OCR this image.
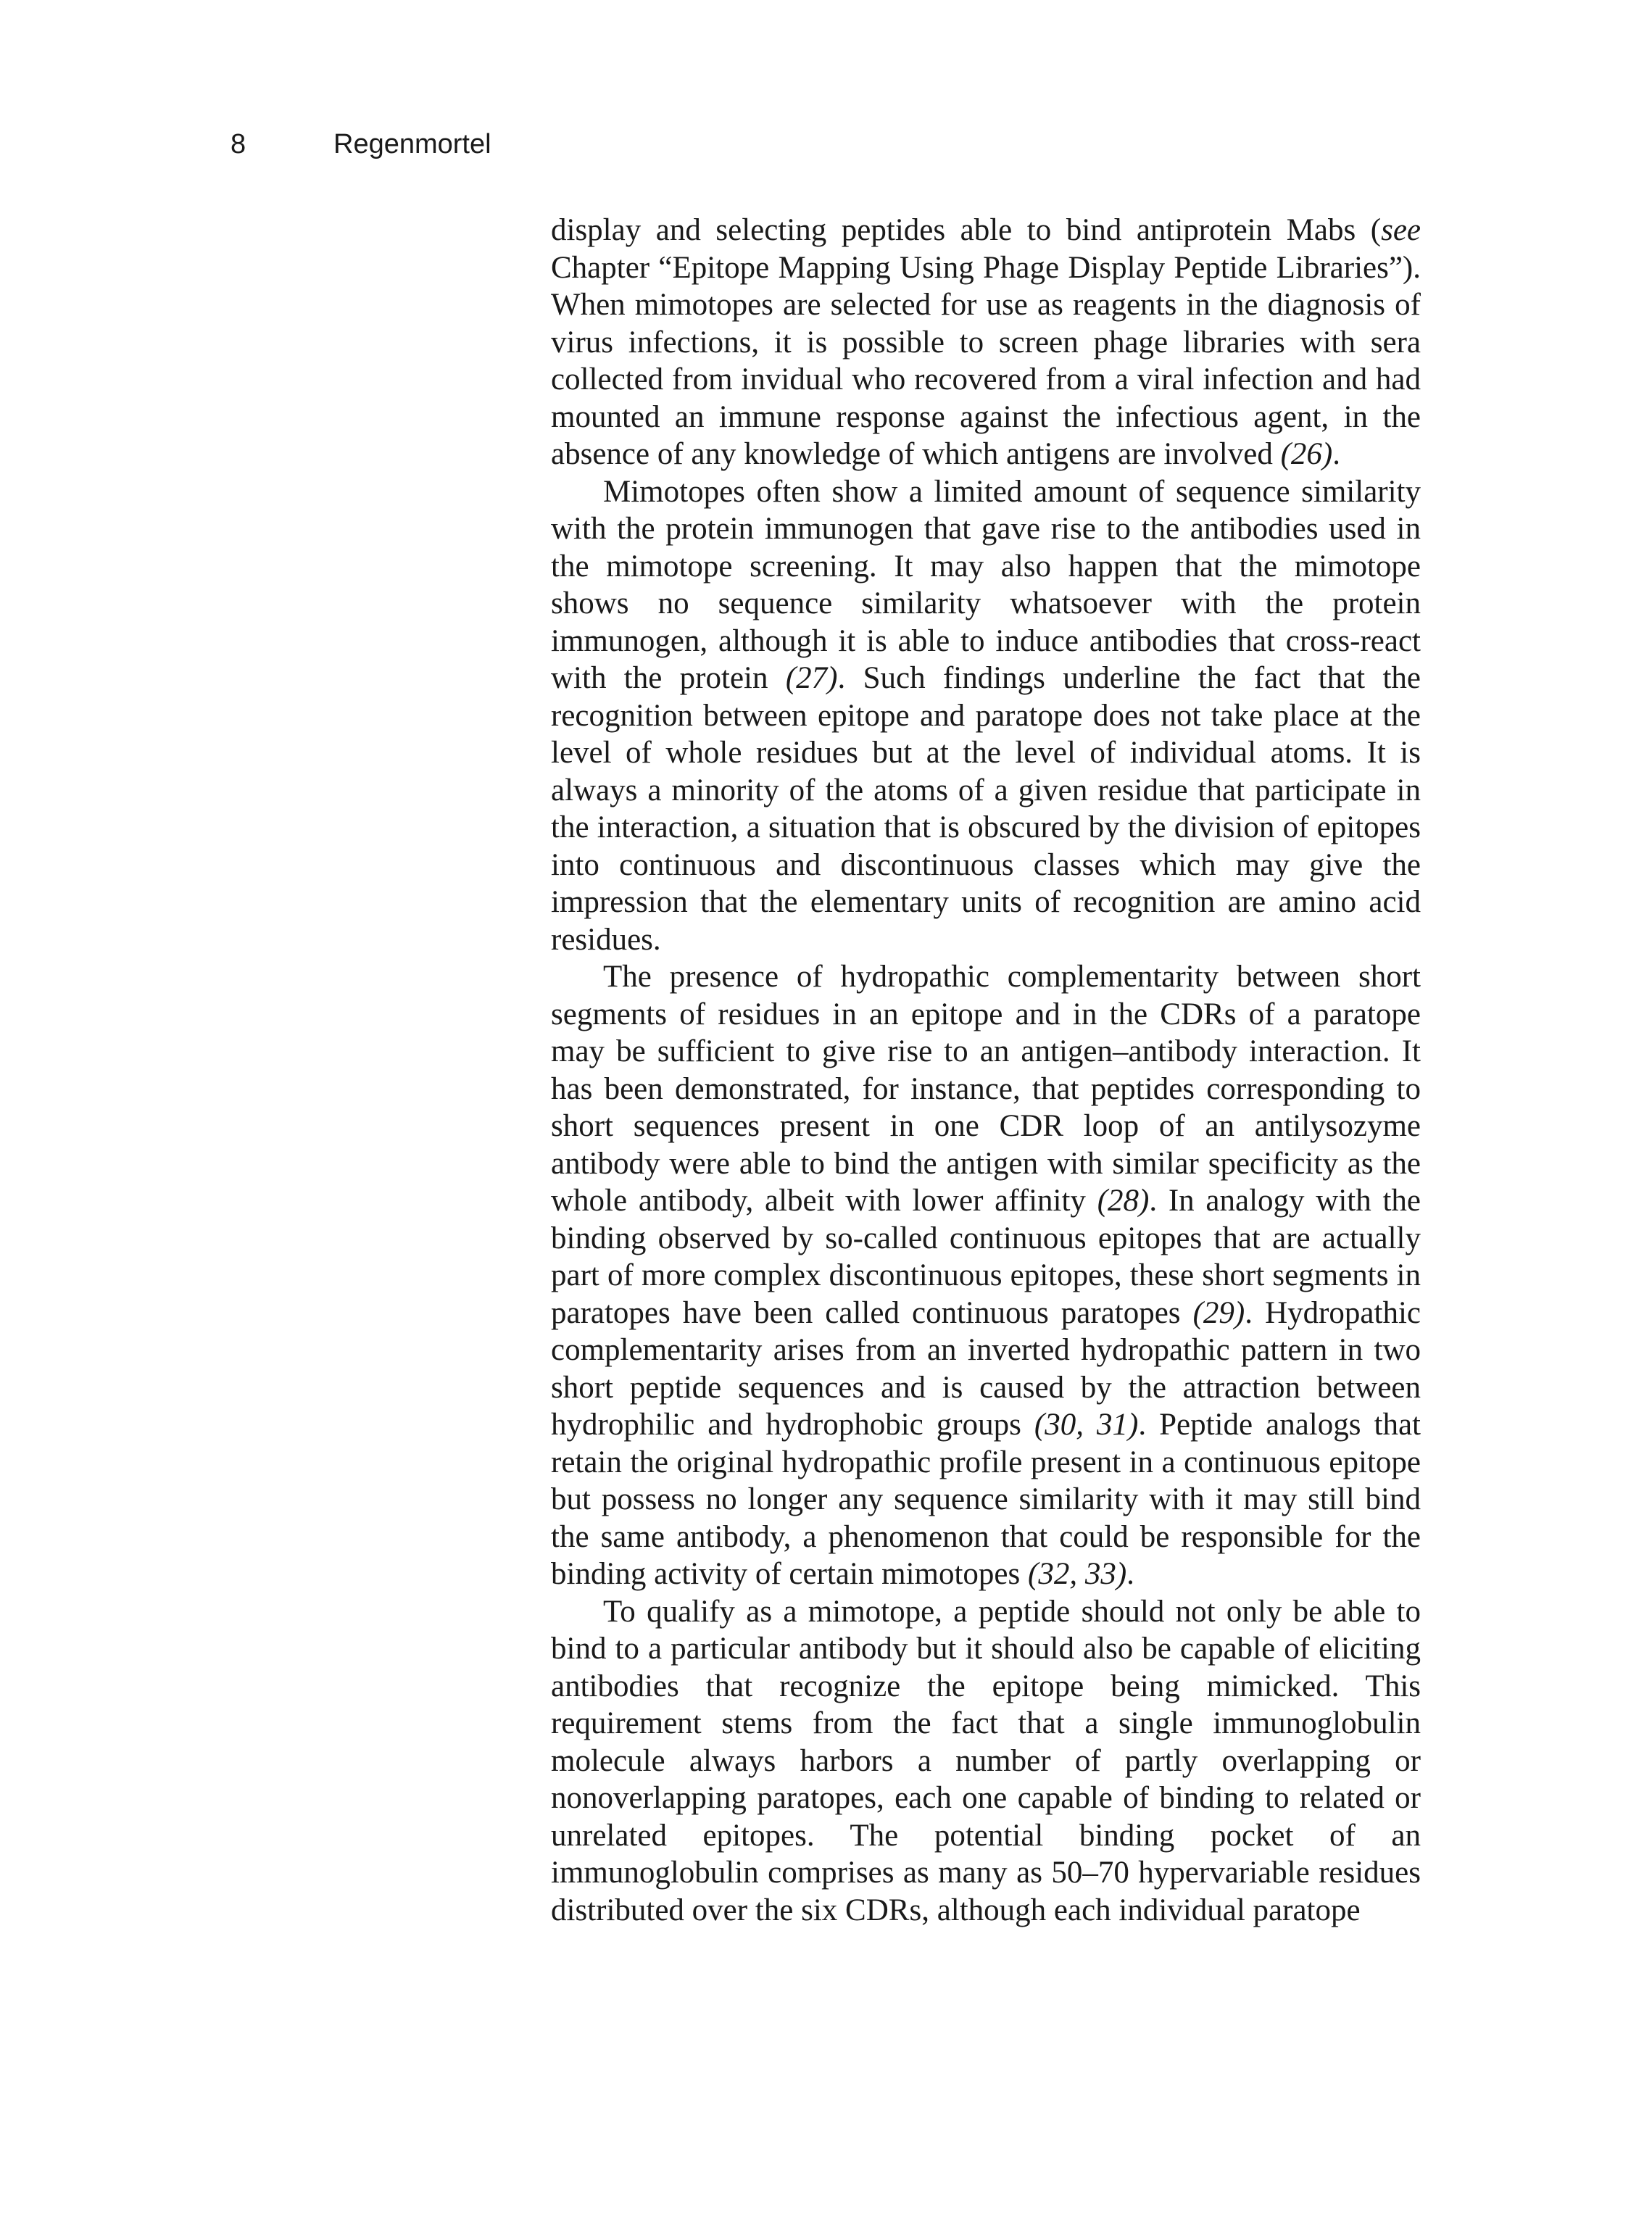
8	Regenmortel

display and selecting peptides able to bind antiprotein Mabs (see Chapter “Epitope Mapping Using Phage Display Peptide Libraries”). When mimotopes are selected for use as reagents in the diagnosis of virus infections, it is possible to screen phage libraries with sera collected from invidual who recovered from a viral infection and had mounted an immune response against the infectious agent, in the absence of any knowledge of which antigens are involved (26).

Mimotopes often show a limited amount of sequence similarity with the protein immunogen that gave rise to the antibodies used in the mimotope screening. It may also happen that the mimotope shows no sequence similarity whatsoever with the protein immunogen, although it is able to induce antibodies that cross-react with the protein (27). Such findings underline the fact that the recognition between epitope and paratope does not take place at the level of whole residues but at the level of individual atoms. It is always a minority of the atoms of a given residue that participate in the interaction, a situation that is obscured by the division of epitopes into continuous and discontinuous classes which may give the impression that the elementary units of recognition are amino acid residues.

The presence of hydropathic complementarity between short segments of residues in an epitope and in the CDRs of a paratope may be sufficient to give rise to an antigen–antibody interaction. It has been demonstrated, for instance, that peptides corresponding to short sequences present in one CDR loop of an antilysozyme antibody were able to bind the antigen with similar specificity as the whole antibody, albeit with lower affinity (28). In analogy with the binding observed by so-called continuous epitopes that are actually part of more complex discontinuous epitopes, these short segments in paratopes have been called continuous paratopes (29). Hydropathic complementarity arises from an inverted hydropathic pattern in two short peptide sequences and is caused by the attraction between hydrophilic and hydrophobic groups (30, 31). Peptide analogs that retain the original hydropathic profile present in a continuous epitope but possess no longer any sequence similarity with it may still bind the same antibody, a phenomenon that could be responsible for the binding activity of certain mimotopes (32, 33).

To qualify as a mimotope, a peptide should not only be able to bind to a particular antibody but it should also be capable of eliciting antibodies that recognize the epitope being mimicked. This requirement stems from the fact that a single immunoglobulin molecule always harbors a number of partly overlapping or nonoverlapping paratopes, each one capable of binding to related or unrelated epitopes. The potential binding pocket of an immunoglobulin comprises as many as 50–70 hypervariable residues distributed over the six CDRs, although each individual paratope
